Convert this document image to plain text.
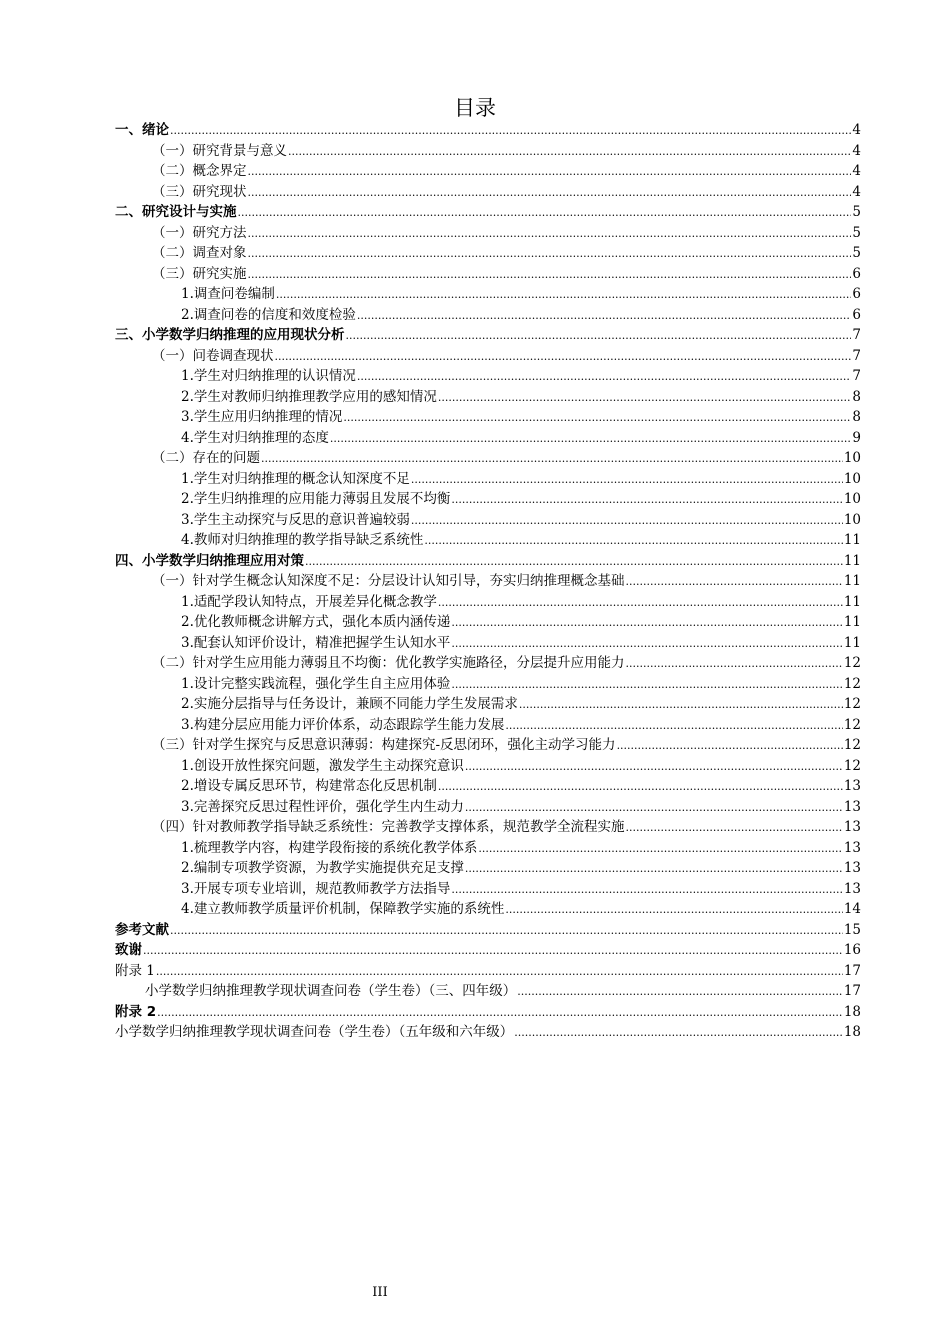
目录
一、绪论 .....	4
（一）研究背景与意义 .....	4
（二）概念界定 .....	4
（三）研究现状 .....	4
二、研究设计与实施 .....	5
（一）研究方法 .....	5
（二）调查对象 .....	5
（三）研究实施 .....	6
1.调查问卷编制 .....	6
2.调查问卷的信度和效度检验 .....	6
三、小学数学归纳推理的应用现状分析 .....	7
（一）问卷调查现状 .....	7
1.学生对归纳推理的认识情况 .....	7
2.学生对教师归纳推理教学应用的感知情况 .....	8
3.学生应用归纳推理的情况 .....	8
4.学生对归纳推理的态度 .....	9
（二）存在的问题 .....	10
1.学生对归纳推理的概念认知深度不足 .....	10
2.学生归纳推理的应用能力薄弱且发展不均衡 .....	10
3.学生主动探究与反思的意识普遍较弱 .....	10
4.教师对归纳推理的教学指导缺乏系统性 .....	11
四、小学数学归纳推理应用对策 .....	11
（一）针对学生概念认知深度不足：分层设计认知引导，夯实归纳推理概念基础 .....	11
1.适配学段认知特点，开展差异化概念教学 .....	11
2.优化教师概念讲解方式，强化本质内涵传递 .....	11
3.配套认知评价设计，精准把握学生认知水平 .....	11
（二）针对学生应用能力薄弱且不均衡：优化教学实施路径，分层提升应用能力 .....	12
1.设计完整实践流程，强化学生自主应用体验 .....	12
2.实施分层指导与任务设计，兼顾不同能力学生发展需求 .....	12
3.构建分层应用能力评价体系，动态跟踪学生能力发展 .....	12
（三）针对学生探究与反思意识薄弱：构建探究-反思闭环，强化主动学习能力 .....	12
1.创设开放性探究问题，激发学生主动探究意识 .....	12
2.增设专属反思环节，构建常态化反思机制 .....	13
3.完善探究反思过程性评价，强化学生内生动力 .....	13
（四）针对教师教学指导缺乏系统性：完善教学支撑体系，规范教学全流程实施 .....	13
1.梳理教学内容，构建学段衔接的系统化教学体系 .....	13
2.编制专项教学资源，为教学实施提供充足支撑 .....	13
3.开展专项专业培训，规范教师教学方法指导 .....	13
4.建立教师教学质量评价机制，保障教学实施的系统性 .....	14
参考文献 .....	15
致谢 .....	16
附录 1 .....	17
小学数学归纳推理教学现状调查问卷（学生卷）（三、四年级） .....	17
附录 2 .....	18
小学数学归纳推理教学现状调查问卷（学生卷）（五年级和六年级） .....	18
III
